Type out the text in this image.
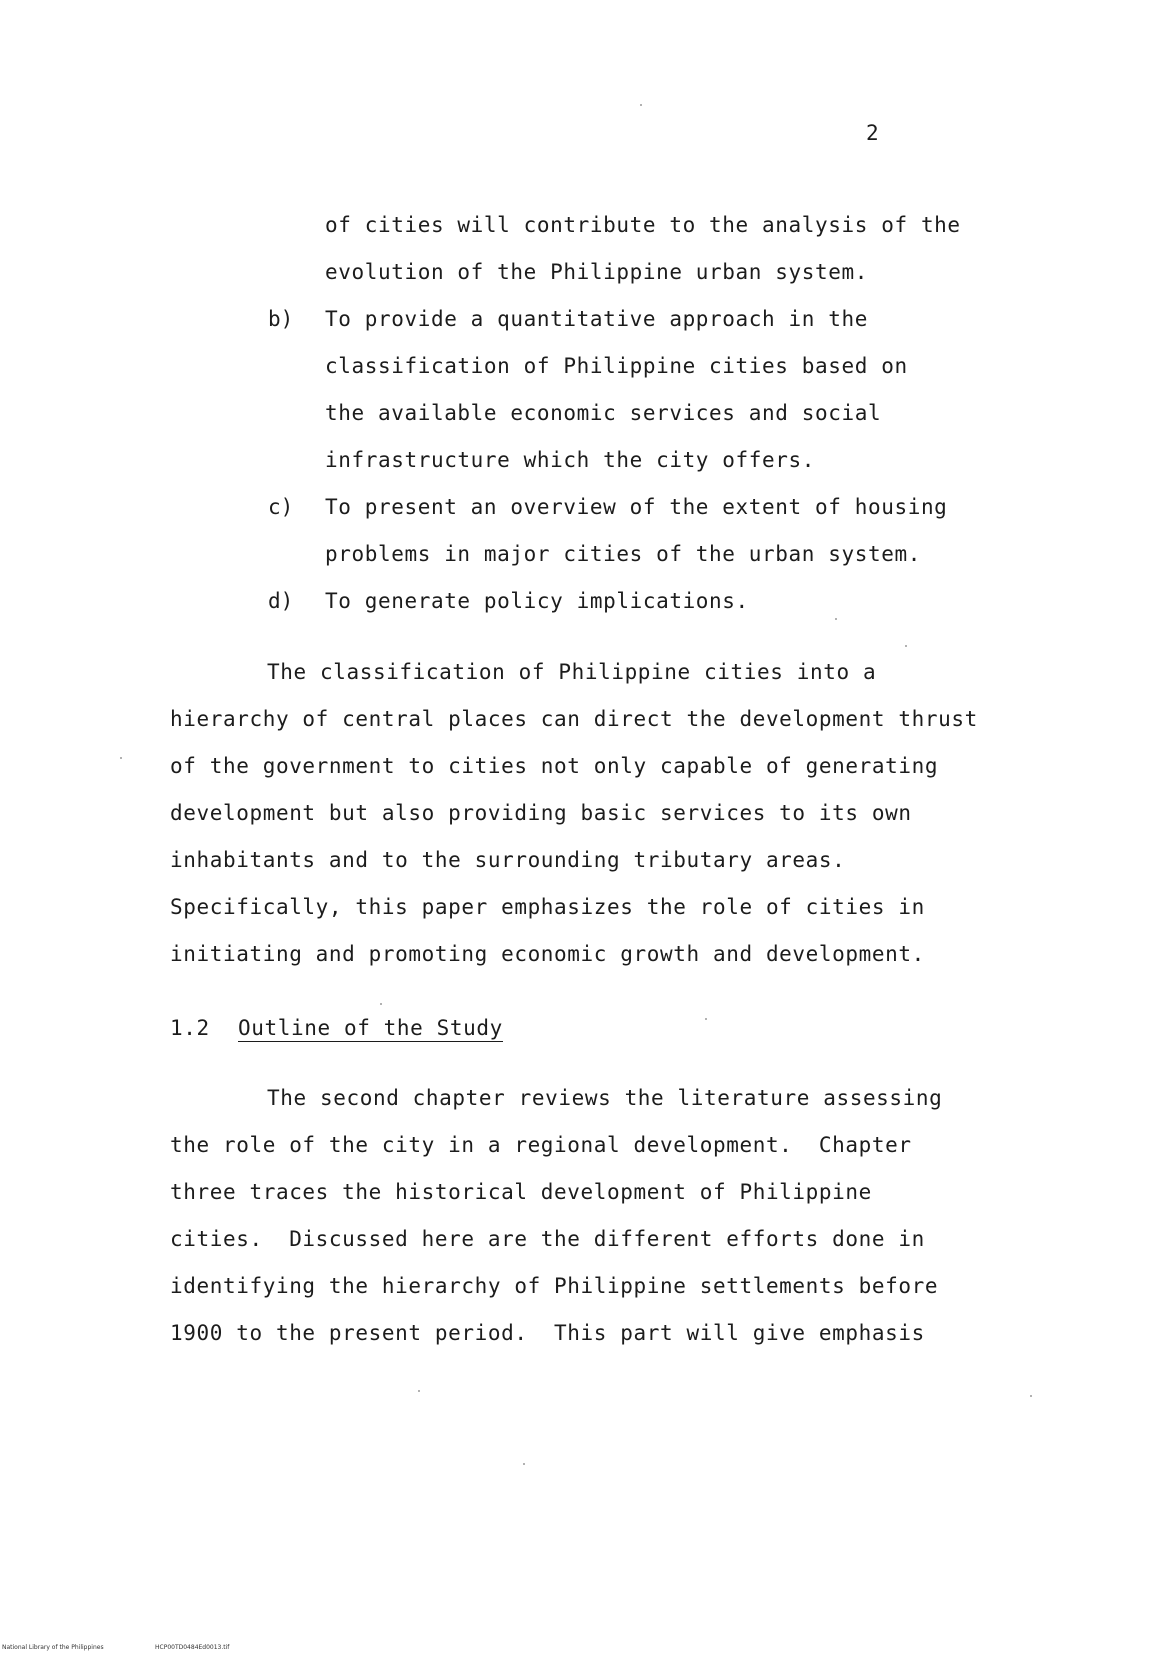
2
of cities will contribute to the analysis of the
evolution of the Philippine urban system.
b) To provide a quantitative approach in the
classification of Philippine cities based on
the available economic services and social
infrastructure which the city offers.
c) To present an overview of the extent of housing
problems in major cities of the urban system.
d) To generate policy implications.
The classification of Philippine cities into a
hierarchy of central places can direct the development thrust
of the government to cities not only capable of generating
development but also providing basic services to its own
inhabitants and to the surrounding tributary areas.
Specifically, this paper emphasizes the role of cities in
initiating and promoting economic growth and development.
1.2 Outline of the Study
The second chapter reviews the literature assessing
the role of the city in a regional development.  Chapter
three traces the historical development of Philippine
cities.  Discussed here are the different efforts done in
identifying the hierarchy of Philippine settlements before
1900 to the present period.  This part will give emphasis
National Library of the Philippines	HCP00TD0484Ed0013.tif
